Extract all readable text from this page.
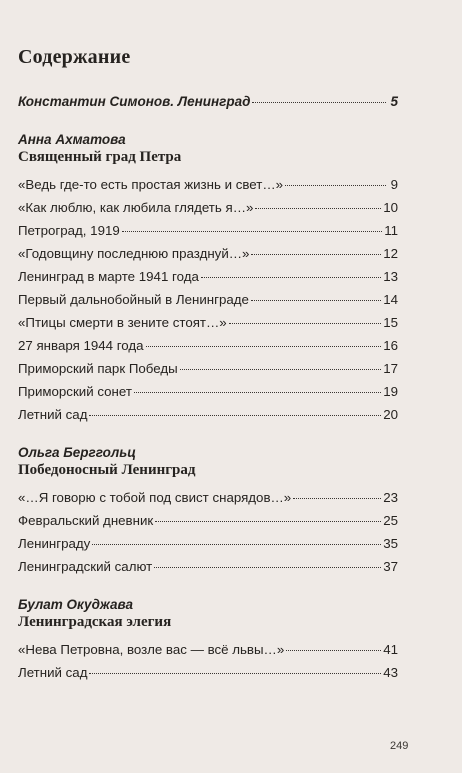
Содержание
Константин Симонов. Ленинград	5
Анна Ахматова
Священный град Петра
«Ведь где-то есть простая жизнь и свет…»	9
«Как люблю, как любила глядеть я…»	10
Петроград, 1919	11
«Годовщину последнюю празднуй…»	12
Ленинград в марте 1941 года	13
Первый дальнобойный в Ленинграде	14
«Птицы смерти в зените стоят…»	15
27 января 1944 года	16
Приморский парк Победы	17
Приморский сонет	19
Летний сад	20
Ольга Берггольц
Победоносный Ленинград
«…Я говорю с тобой под свист снарядов…»	23
Февральский дневник	25
Ленинграду	35
Ленинградский салют	37
Булат Окуджава
Ленинградская элегия
«Нева Петровна, возле вас — всё львы…»	41
Летний сад	43
249
